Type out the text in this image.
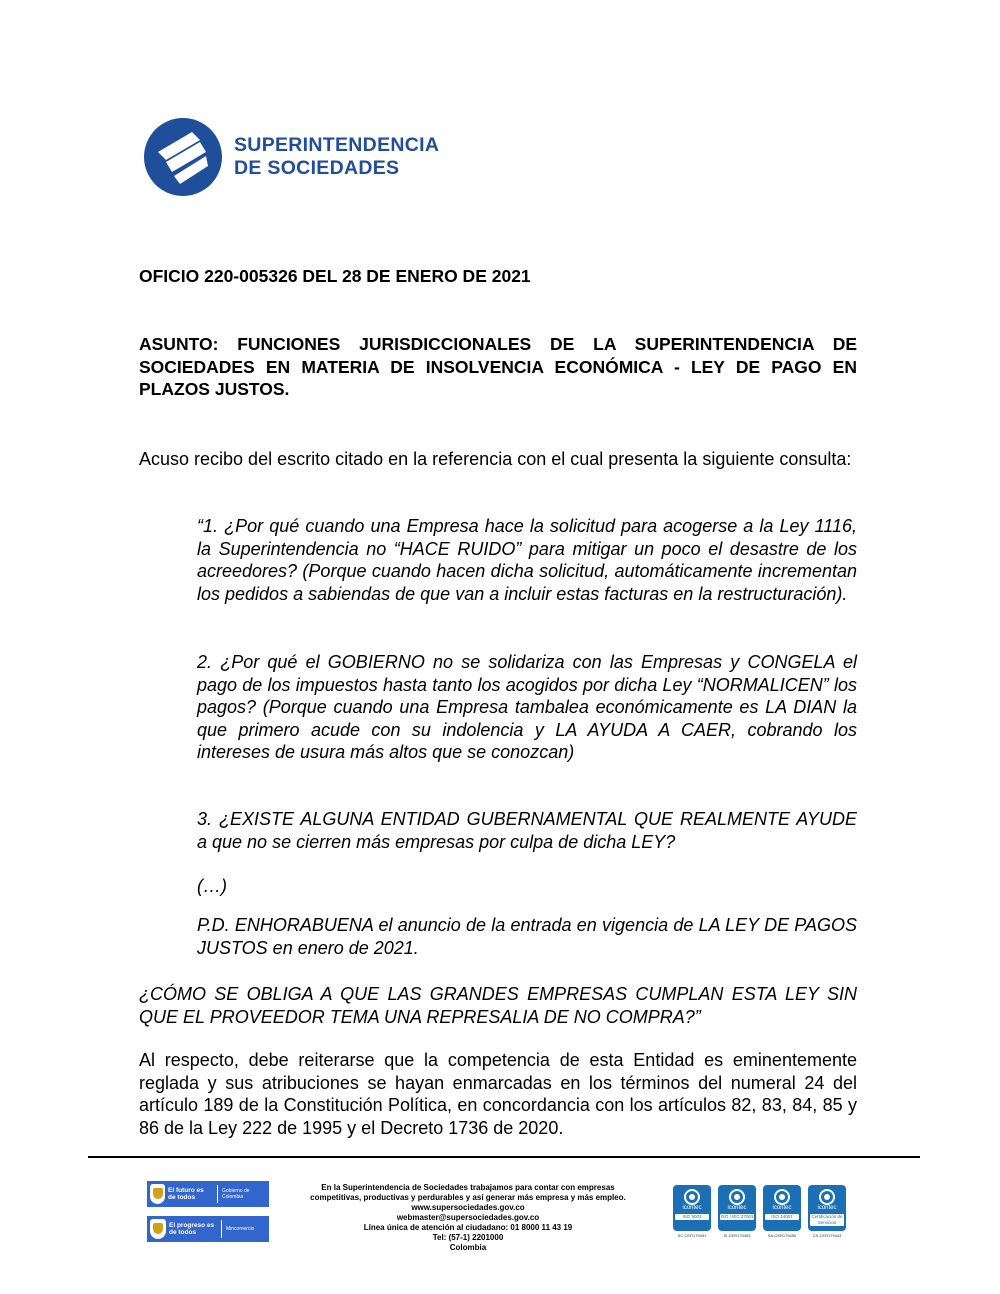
SUPERINTENDENCIA
DE SOCIEDADES
OFICIO 220-005326 DEL 28 DE ENERO DE 2021
ASUNTO: FUNCIONES JURISDICCIONALES DE LA SUPERINTENDENCIA DE SOCIEDADES EN MATERIA DE INSOLVENCIA ECONÓMICA - LEY DE PAGO EN PLAZOS JUSTOS.
Acuso recibo del escrito citado en la referencia con el cual presenta la siguiente consulta:
“1. ¿Por qué cuando una Empresa hace la solicitud para acogerse a la Ley 1116, la Superintendencia no “HACE RUIDO” para mitigar un poco el desastre de los acreedores? (Porque cuando hacen dicha solicitud, automáticamente incrementan los pedidos a sabiendas de que van a incluir estas facturas en la restructuración).
2. ¿Por qué el GOBIERNO no se solidariza con las Empresas y CONGELA el pago de los impuestos hasta tanto los acogidos por dicha Ley “NORMALICEN” los pagos? (Porque cuando una Empresa tambalea económicamente es LA DIAN la que primero acude con su indolencia y LA AYUDA A CAER, cobrando los intereses de usura más altos que se conozcan)
3. ¿EXISTE ALGUNA ENTIDAD GUBERNAMENTAL QUE REALMENTE AYUDE a que no se cierren más empresas por culpa de dicha LEY?
(…)
P.D. ENHORABUENA el anuncio de la entrada en vigencia de LA LEY DE PAGOS JUSTOS en enero de 2021.
¿CÓMO SE OBLIGA A QUE LAS GRANDES EMPRESAS CUMPLAN ESTA LEY SIN QUE EL PROVEEDOR TEMA UNA REPRESALIA DE NO COMPRA?”
Al respecto, debe reiterarse que la competencia de esta Entidad es eminentemente reglada y sus atribuciones se hayan enmarcadas en los términos del numeral 24 del artículo 189 de la Constitución Política, en concordancia con los artículos 82, 83, 84, 85 y 86 de la Ley 222 de 1995 y el Decreto 1736 de 2020.
El futuro es de todos
Gobierno de Colombia
El progreso es de todos	Mincomercio
En la Superintendencia de Sociedades trabajamos para contar con empresas
competitivas, productivas y perdurables y así generar más empresa y más empleo.
www.supersociedades.gov.co
webmaster@supersociedades.gov.co
Línea única de atención al ciudadano: 01 8000 11 43 19
Tel: (57-1) 2201000
Colombia
icontec
ISO 9001
SC-CER179451
icontec
ISO / IEC 27001
SI-CER179453
icontec
ISO 14001
SA-CER179450
icontec
Certificación de Servicios
CS-CER179443
